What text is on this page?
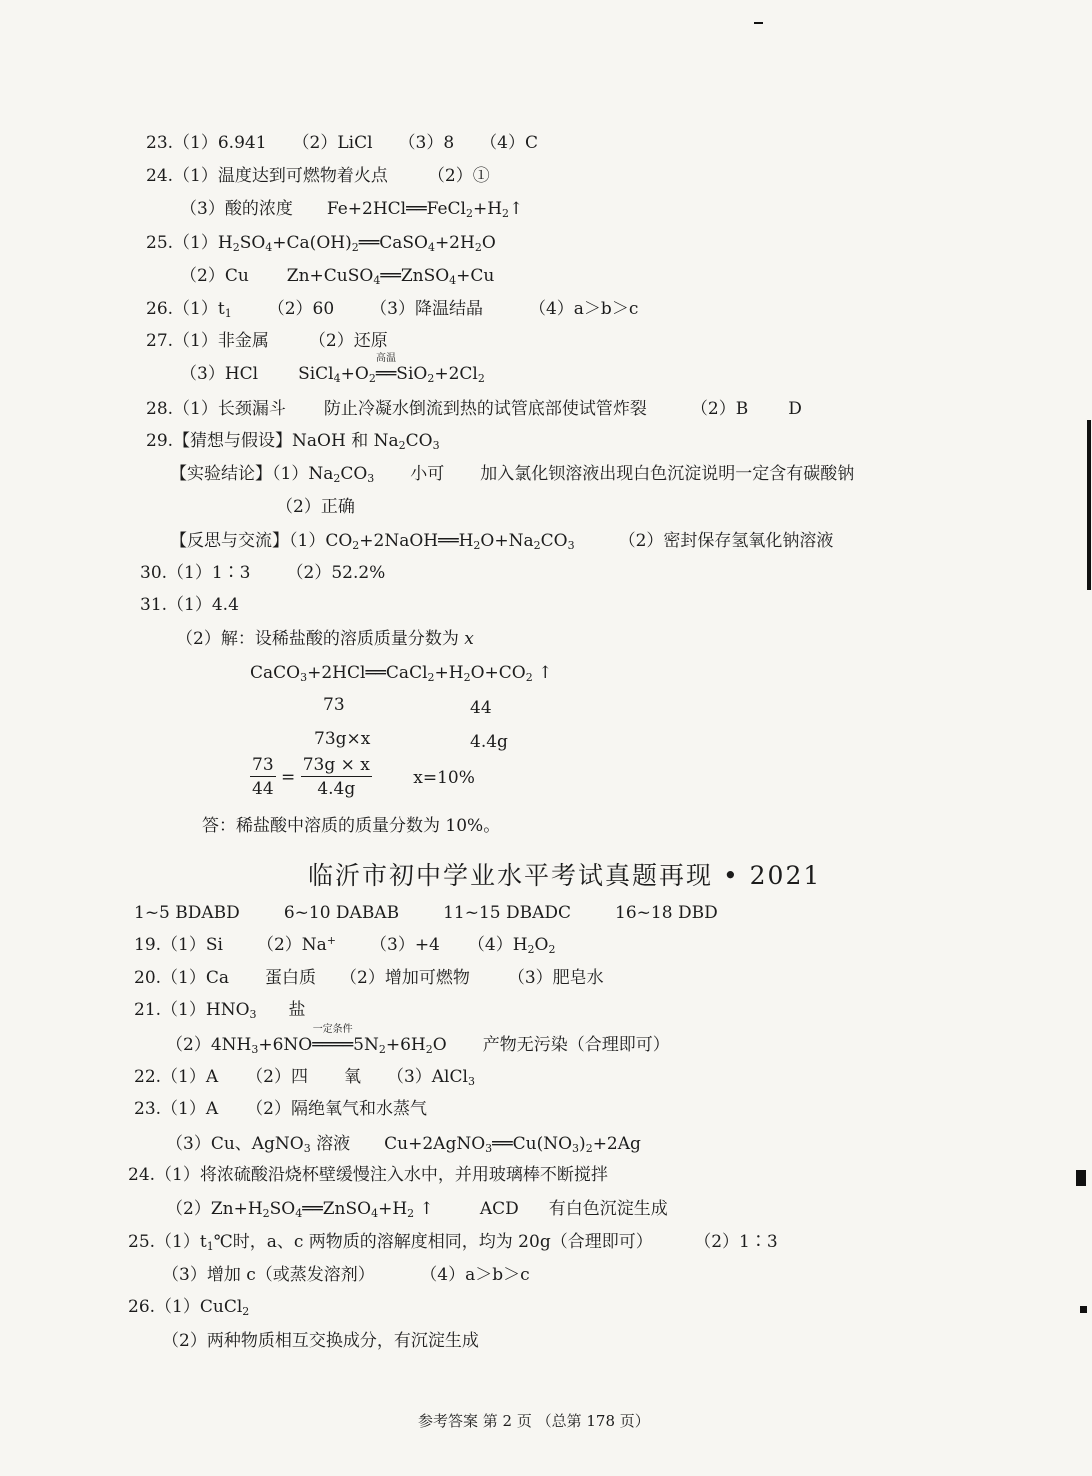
23.（1）6.941 （2）LiCl （3）8 （4）C
24.（1）温度达到可燃物着火点 （2）①
（3）酸的浓度 $Fe+2HCl══FeCl_2+H_2↑$
$25.(1)H_2SO_4+Ca(OH)_2══CaSO_4+2H_2O$
（2）Cu Zn+CuSO$_4$══ZnSO$_4$+Cu
$26.(1)t_1$ （2）60 （3）降温结晶	（4）a＞b＞c
27.（1）非金属 （2）还原
（3）HCl $SiCl_4+O_2$
高温
$══SiO_2+2Cl_2$
28.（1）长颈漏斗 防止冷凝水倒流到热的试管底部使试管炸裂	（2）B D
29.【猜想与假设】NaOH 和 $Na_2CO_3$
【实验结论】$(1)Na_2CO_3$ 小可 加入氯化钡溶液出现白色沉淀说明一定含有碳酸钠
（2）正确
【反思与交流】$(1)CO_2+2NaOH══H_2O+Na_2CO_3$	（2）密封保存氢氧化钠溶液
30.（1）1∶3 （2）52.2%
31.（1）4.4
（2）解：设稀盐酸的溶质质量分数为 x
$CaCO_3+2HCl══CaCl_2+H_2O+CO_2$ ↑
73	44
73g×x	4.4g
$\frac{73}{44} = \frac{73g \times x}{4.4g} x=10\%$
答：稀盐酸中溶质的质量分数为 10%。
临沂市初中学业水平考试真题再现 • 2021
1~5 BDABD	6~10 DABAB	11~15 DBADC	16~18 DBD
19.（1）Si （2）Na+ （3）+4 $(4)H_2O_2$
20.（1）Ca 蛋白质 （2）增加可燃物 （3）肥皂水
$21.(1)HNO_3$ 盐
$(2)4NH_3+6NO$
一定条件
$════5N_2+6H_2O$ 产物无污染（合理即可）
22.（1）A （2）四 氧 （3）AlCl$_3$
23.（1）A （2）隔绝氧气和水蒸气
（3）Cu、AgNO$_3$ 溶液 $Cu+2AgNO_3══Cu(NO_3)_2+2Ag$
24.（1）将浓硫酸沿烧杯壁缓慢注入水中，并用玻璃棒不断搅拌
$(2)Zn+H_2SO_4══ZnSO_4+H_2$ ↑	ACD 有白色沉淀生成
$25.(1)t_1℃$时，a、c 两物质的溶解度相同，均为 20g（合理即可）	（2）1∶3
（3）增加 c（或蒸发溶剂）	（4）a＞b＞c
26.（1）CuCl$_2$
（2）两种物质相互交换成分，有沉淀生成
参考答案 第 2 页 （总第 178 页）
